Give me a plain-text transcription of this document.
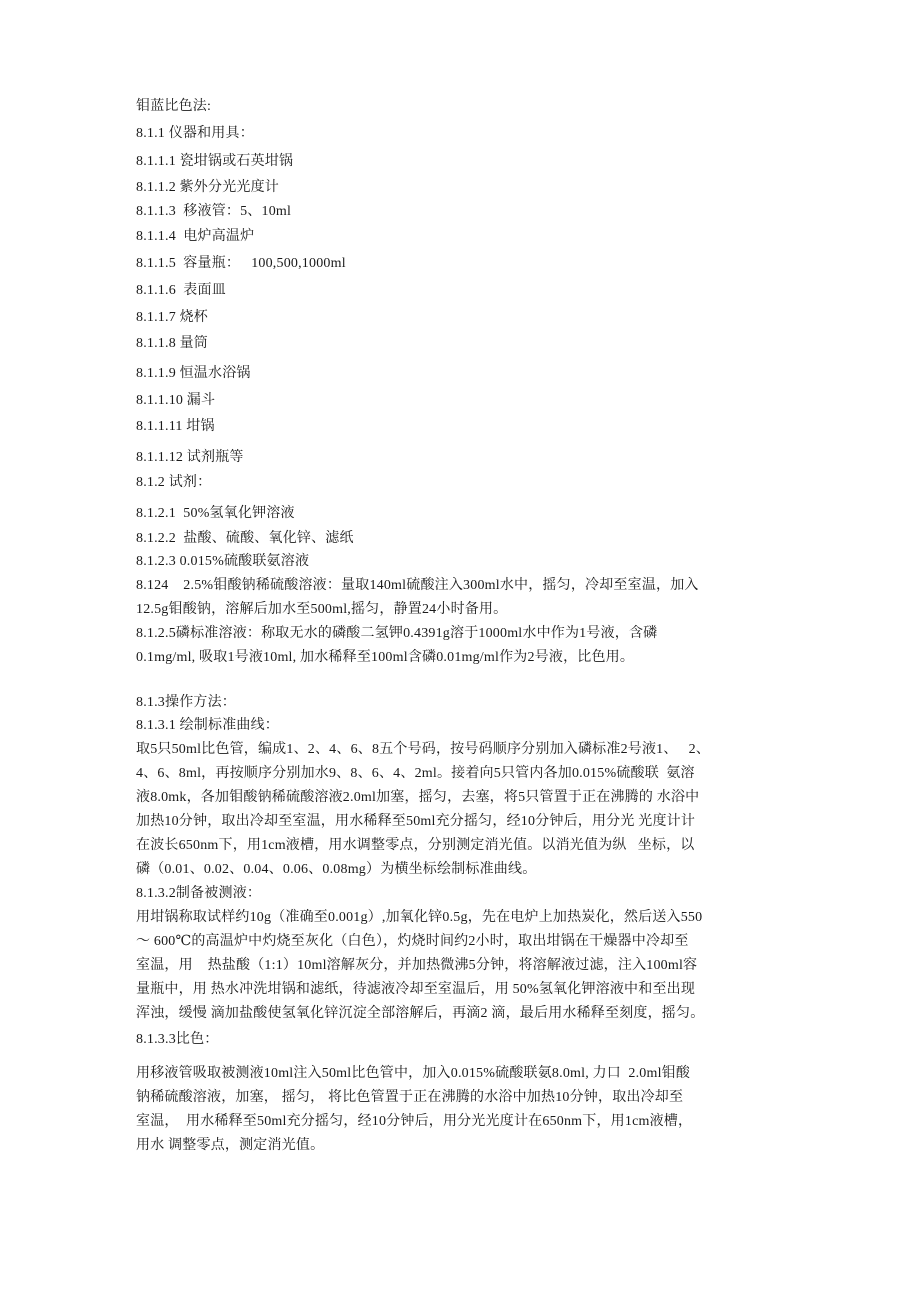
钼蓝比色法:
8.1.1 仪器和用具：
8.1.1.1 瓷坩锅或石英坩锅
8.1.1.2 紫外分光光度计
8.1.1.3  移液管：5、10ml
8.1.1.4  电炉高温炉
8.1.1.5  容量瓶：   100,500,1000ml
8.1.1.6  表面皿
8.1.1.7 烧杯
8.1.1.8 量筒
8.1.1.9 恒温水浴锅
8.1.1.10 漏斗
8.1.1.11 坩锅
8.1.1.12 试剂瓶等
8.1.2 试剂：
8.1.2.1  50%氢氧化钾溶液
8.1.2.2  盐酸、硫酸、氧化锌、滤纸
8.1.2.3 0.015%硫酸联氨溶液
8.124    2.5%钼酸钠稀硫酸溶液：量取140ml硫酸注入300ml水中，摇匀，冷却至室温，加入
12.5g钼酸钠，溶解后加水至500ml,摇匀，静置24小时备用。
8.1.2.5磷标准溶液：称取无水的磷酸二氢钾0.4391g溶于1000ml水中作为1号液，含磷
0.1mg/ml, 吸取1号液10ml, 加水稀释至100ml含磷0.01mg/ml作为2号液，比色用。
8.1.3操作方法：
8.1.3.1 绘制标准曲线：
取5只50ml比色管，编成1、2、4、6、8五个号码，按号码顺序分别加入磷标准2号液1、   2、
4、6、8ml，再按顺序分别加水9、8、6、4、2ml。接着向5只管内各加0.015%硫酸联  氨溶
液8.0mk，各加钼酸钠稀硫酸溶液2.0ml加塞，摇匀，去塞，将5只管置于正在沸腾的 水浴中
加热10分钟，取出冷却至室温，用水稀释至50ml充分摇匀，经10分钟后，用分光 光度计计
在波长650nm下，用1cm液槽，用水调整零点，分别测定消光值。以消光值为纵   坐标，以
磷（0.01、0.02、0.04、0.06、0.08mg）为横坐标绘制标准曲线。
8.1.3.2制备被测液：
用坩锅称取试样约10g（准确至0.001g）,加氧化锌0.5g，先在电炉上加热炭化，然后送入550
～ 600℃的高温炉中灼烧至灰化（白色），灼烧时间约2小时，取出坩锅在干燥器中冷却至
室温，用    热盐酸（1:1）10ml溶解灰分，并加热微沸5分钟，将溶解液过滤，注入100ml容
量瓶中，用 热水冲洗坩锅和滤纸，待滤液冷却至室温后，用 50%氢氧化钾溶液中和至出现
浑浊，缓慢 滴加盐酸使氢氧化锌沉淀全部溶解后，再滴2 滴，最后用水稀释至刻度，摇匀。
8.1.3.3比色：
用移液管吸取被测液10ml注入50ml比色管中，加入0.015%硫酸联氨8.0ml, 力口  2.0ml钼酸
钠稀硫酸溶液，加塞， 摇匀， 将比色管置于正在沸腾的水浴中加热10分钟，取出冷却至
室温，  用水稀释至50ml充分摇匀，经10分钟后，用分光光度计在650nm下，用1cm液槽，
用水 调整零点，测定消光值。
